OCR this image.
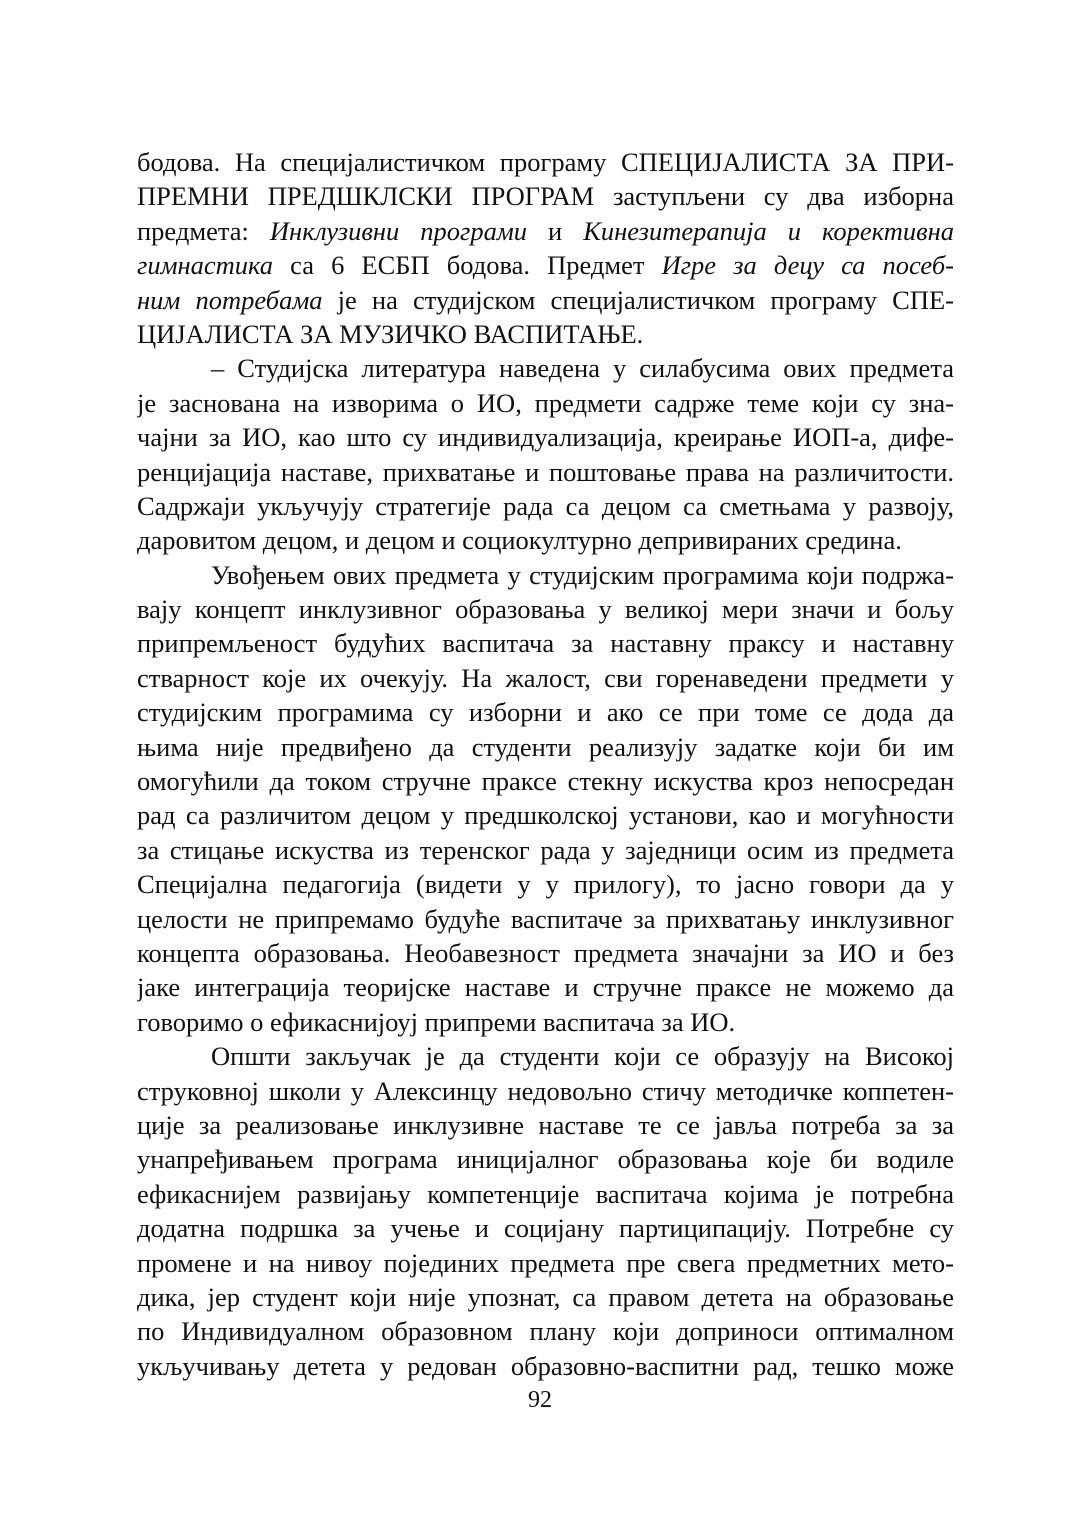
бодова. На специјалистичком програму СПЕЦИЈАЛИСТА ЗА ПРИ-
ПРЕМНИ ПРЕДШКЛСКИ ПРОГРАМ заступљени су два изборна
предмета: Инклузивни програми и Кинезитерапија и корективна
гимнастика са 6 ЕСБП бодова. Предмет Игре за децу са посеб-
ним потребама је на студијском специјалистичком програму СПЕ-
ЦИЈАЛИСТА ЗА МУЗИЧКО ВАСПИТАЊЕ.
– Студијска литература наведена у силабусима ових предмета
је заснована на изворима о ИО, предмети садрже теме који су зна-
чајни за ИО, као што су индивидуализација, креирање ИОП-а, дифе-
ренцијација наставе, прихватање и поштовање права на различитости.
Садржаји укључују стратегије рада са децом са сметњама у развоју,
даровитом децом, и децом и социокултурно депривираних средина.
Увођењем ових предмета у студијским програмима који подржа-
вају концепт инклузивног образовања у великој мери значи и бољу
припремљеност будућих васпитача за наставну праксу и наставну
стварност које их очекују. На жалост, сви горенаведени предмети у
студијским програмима су изборни и ако се при томе се дода да
њима није предвиђено да студенти реализују задатке који би им
омогућили да током стручне праксе стекну искуства кроз непосредан
рад са различитом децом у предшколској установи, као и могућности
за стицање искуства из теренског рада у заједници осим из предмета
Специјална педагогија (видети у у прилогу), то јасно говори да у
целости не припремамо будуће васпитаче за прихватању инклузивног
концепта образовања. Необавезност предмета значајни за ИО и без
јаке интеграција теоријске наставе и стручне праксе не можемо да
говоримо о ефикаснијоуј припреми васпитача за ИО.
Општи закључак је да студенти који се образују на Високој
струковној школи у Алексинцу недовољно стичу методичке коппетен-
ције за реализовање инклузивне наставе те се јавља потреба за за
унапређивањем програма иницијалног образовања које би водиле
ефикаснијем развијању компетенције васпитача којима је потребна
додатна подршка за учење и социјану партиципацију. Потребне су
промене и на нивоу појединих предмета пре свега предметних мето-
дика, јер студент који није упознат, са правом детета на образовање
по Индивидуалном образовном плану који доприноси оптималном
укључивању детета у редован образовно-васпитни рад, тешко може
92
